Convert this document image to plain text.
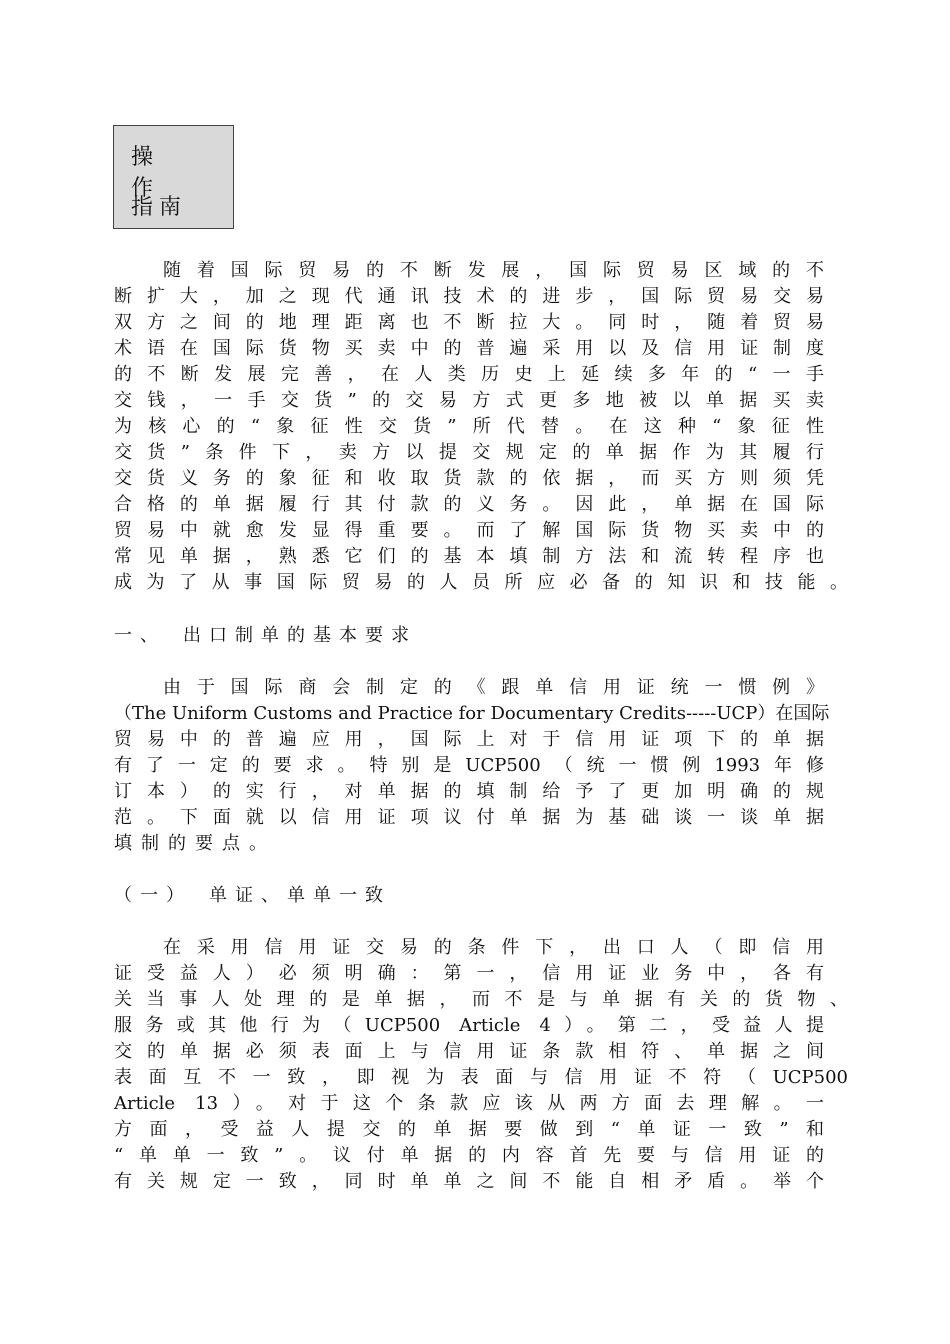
操作
指南
随着国际贸易的不断发展，国际贸易区域的不
断扩大，加之现代通讯技术的进步，国际贸易交易
双方之间的地理距离也不断拉大。同时，随着贸易
术语在国际货物买卖中的普遍采用以及信用证制度
的不断发展完善，在人类历史上延续多年的“一手
交钱，一手交货”的交易方式更多地被以单据买卖
为核心的“象征性交货”所代替。在这种“象征性
交货”条件下，卖方以提交规定的单据作为其履行
交货义务的象征和收取货款的依据，而买方则须凭
合格的单据履行其付款的义务。因此，单据在国际
贸易中就愈发显得重要。而了解国际货物买卖中的
常见单据，熟悉它们的基本填制方法和流转程序也
成为了从事国际贸易的人员所应必备的知识和技能。
一、　出口制单的基本要求
由于国际商会制定的《跟单信用证统一惯例》
（The Uniform Customs and Practice for Documentary Credits-----UCP）在国际
贸易中的普遍应用，国际上对于信用证项下的单据
有了一定的要求。特别是UCP500（统一惯例1993年修
订本）的实行，对单据的填制给予了更加明确的规
范。下面就以信用证项议付单据为基础谈一谈单据
填制的要点。
（一）　单证、单单一致
在采用信用证交易的条件下，出口人（即信用
证受益人）必须明确：第一，信用证业务中，各有
关当事人处理的是单据，而不是与单据有关的货物、
服务或其他行为（UCP500 Article 4）。第二，受益人提
交的单据必须表面上与信用证条款相符、单据之间
表面互不一致，即视为表面与信用证不符（UCP500
Article 13）。对于这个条款应该从两方面去理解。一
方面，受益人提交的单据要做到“单证一致”和
“单单一致”。议付单据的内容首先要与信用证的
有关规定一致，同时单单之间不能自相矛盾。举个
